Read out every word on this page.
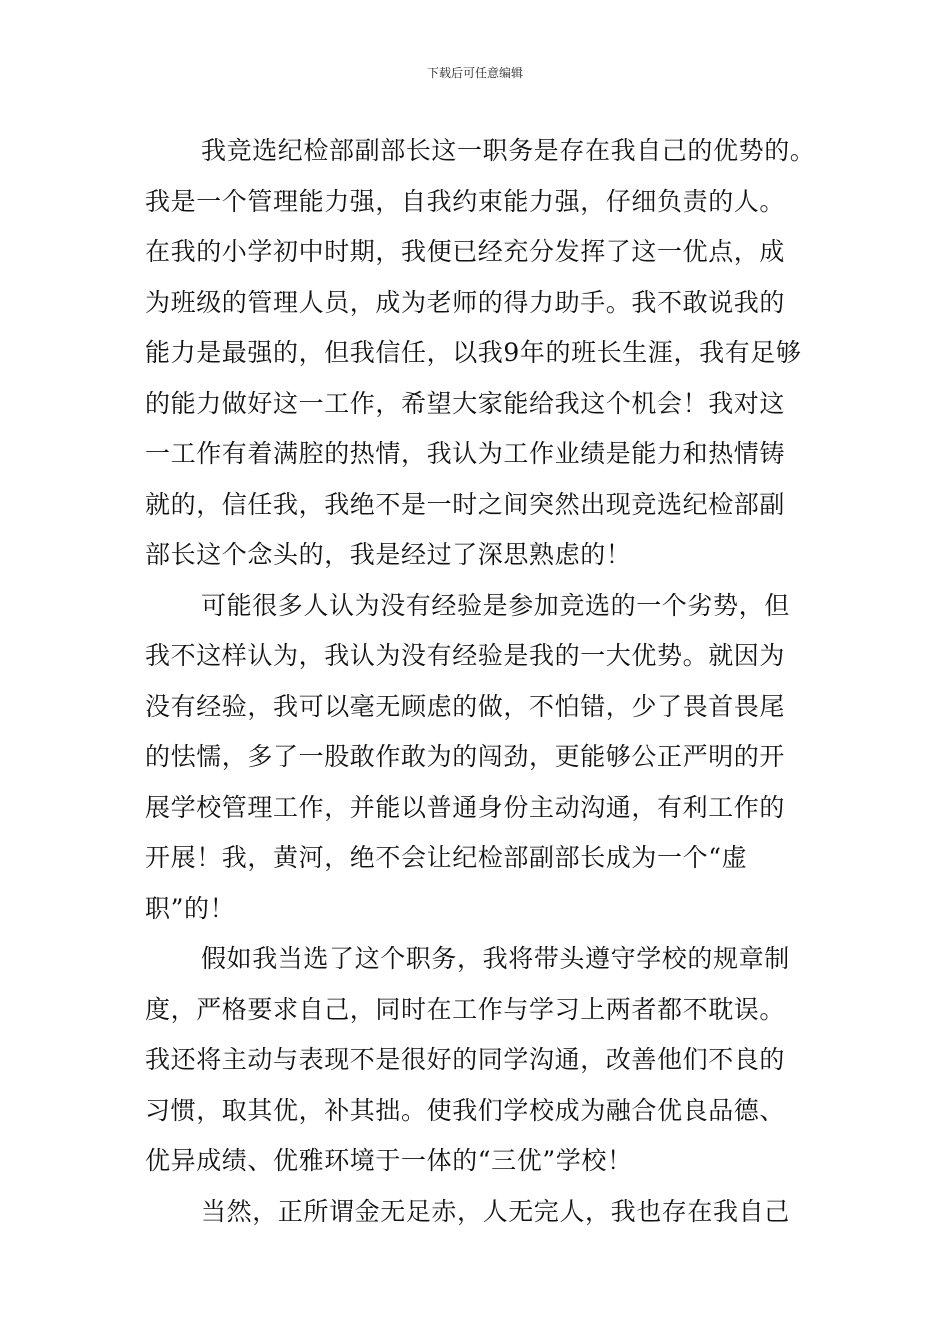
下载后可任意编辑
我竞选纪检部副部长这一职务是存在我自己的优势的。
我是一个管理能力强，自我约束能力强，仔细负责的人。
在我的小学初中时期，我便已经充分发挥了这一优点，成
为班级的管理人员，成为老师的得力助手。我不敢说我的
能力是最强的，但我信任，以我9年的班长生涯，我有足够
的能力做好这一工作，希望大家能给我这个机会！我对这
一工作有着满腔的热情，我认为工作业绩是能力和热情铸
就的，信任我，我绝不是一时之间突然出现竞选纪检部副
部长这个念头的，我是经过了深思熟虑的！
可能很多人认为没有经验是参加竞选的一个劣势，但
我不这样认为，我认为没有经验是我的一大优势。就因为
没有经验，我可以毫无顾虑的做，不怕错，少了畏首畏尾
的怯懦，多了一股敢作敢为的闯劲，更能够公正严明的开
展学校管理工作，并能以普通身份主动沟通，有利工作的
开展！我，黄河，绝不会让纪检部副部长成为一个“虚
职”的！
假如我当选了这个职务，我将带头遵守学校的规章制
度，严格要求自己，同时在工作与学习上两者都不耽误。
我还将主动与表现不是很好的同学沟通，改善他们不良的
习惯，取其优，补其拙。使我们学校成为融合优良品德、
优异成绩、优雅环境于一体的“三优”学校！
当然，正所谓金无足赤，人无完人，我也存在我自己
